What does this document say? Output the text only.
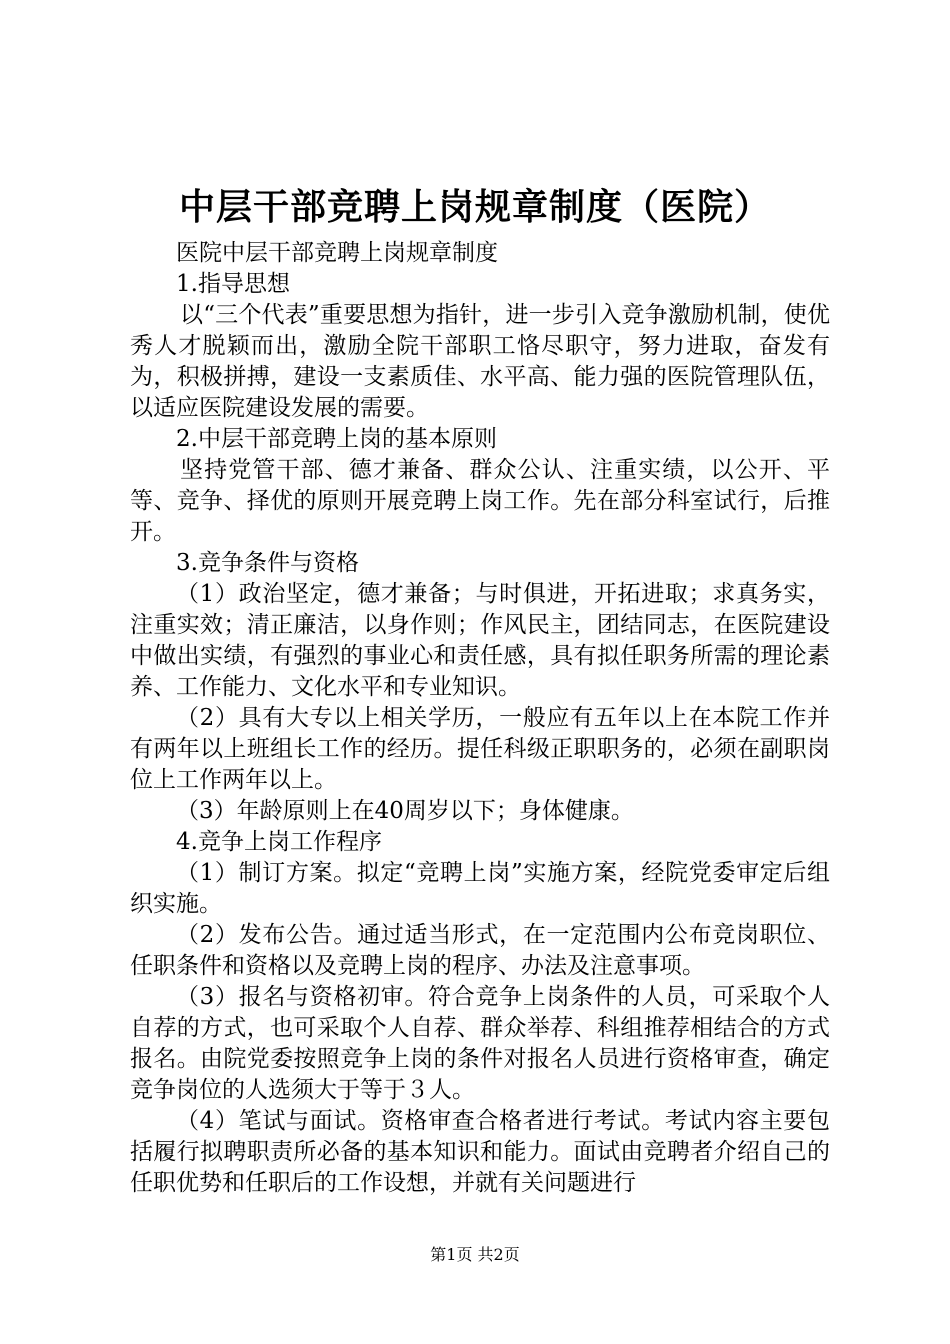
中层干部竞聘上岗规章制度（医院）

医院中层干部竞聘上岗规章制度

1.指导思想

以“三个代表”重要思想为指针，进一步引入竞争激励机制，使优秀人才脱颖而出，激励全院干部职工恪尽职守，努力进取，奋发有为，积极拼搏，建设一支素质佳、水平高、能力强的医院管理队伍，以适应医院建设发展的需要。

2.中层干部竞聘上岗的基本原则

坚持党管干部、德才兼备、群众公认、注重实绩，以公开、平等、竞争、择优的原则开展竞聘上岗工作。先在部分科室试行，后推开。

3.竞争条件与资格

（1）政治坚定，德才兼备；与时俱进，开拓进取；求真务实，注重实效；清正廉洁，以身作则；作风民主，团结同志，在医院建设中做出实绩，有强烈的事业心和责任感，具有拟任职务所需的理论素养、工作能力、文化水平和专业知识。

（2）具有大专以上相关学历，一般应有五年以上在本院工作并有两年以上班组长工作的经历。提任科级正职职务的，必须在副职岗位上工作两年以上。

（3）年龄原则上在40周岁以下；身体健康。

4.竞争上岗工作程序

（1）制订方案。拟定“竞聘上岗”实施方案，经院党委审定后组织实施。

（2）发布公告。通过适当形式，在一定范围内公布竞岗职位、任职条件和资格以及竞聘上岗的程序、办法及注意事项。

（3）报名与资格初审。符合竞争上岗条件的人员，可采取个人自荐的方式，也可采取个人自荐、群众举荐、科组推荐相结合的方式报名。由院党委按照竞争上岗的条件对报名人员进行资格审查，确定竞争岗位的人选须大于等于３人。

（4）笔试与面试。资格审查合格者进行考试。考试内容主要包括履行拟聘职责所必备的基本知识和能力。面试由竞聘者介绍自己的任职优势和任职后的工作设想，并就有关问题进行

第1页 共2页
